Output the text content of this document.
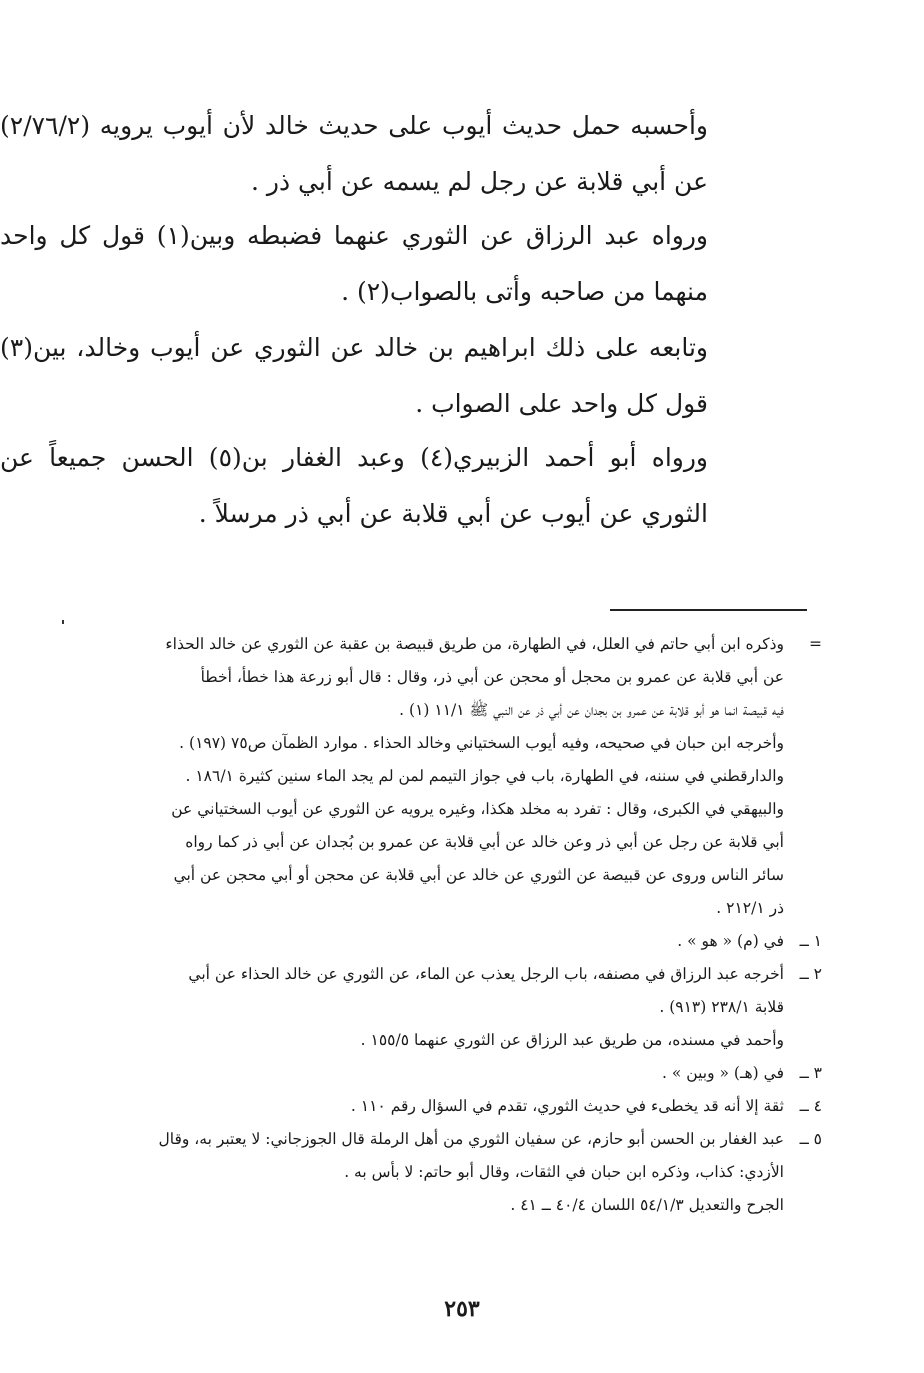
وأحسبه حمل حديث أيوب على حديث خالد لأن أيوب يرويه (٢/٧٦/٢) عن أبي قلابة عن رجل لم يسمه عن أبي ذر .
ورواه عبد الرزاق عن الثوري عنهما فضبطه وبين(١) قول كل واحد منهما من صاحبه وأتى بالصواب(٢) .
وتابعه على ذلك ابراهيم بن خالد عن الثوري عن أيوب وخالد، بين(٣) قول كل واحد على الصواب .
ورواه أبو أحمد الزبيري(٤) وعبد الغفار بن(٥) الحسن جميعاً عن الثوري عن أيوب عن أبي قلابة عن أبي ذر مرسلاً .
=
وذكره ابن أبي حاتم في العلل، في الطهارة، من طريق قبيصة بن عقبة عن الثوري عن خالد الحذاء
عن أبي قلابة عن عمرو بن محجل أو محجن عن أبي ذر، وقال : قال أبو زرعة هذا خطأ، أخطأ
فيه قبيصة انما هو أبو قلابة عن عمرو بن بجدان عن أبي ذر عن النبي ﷺ ١١/١ (١) .
وأخرجه ابن حبان في صحيحه، وفيه أيوب السختياني وخالد الحذاء . موارد الظمآن ص٧٥ (١٩٧) .
والدارقطني في سننه، في الطهارة، باب في جواز التيمم لمن لم يجد الماء سنين كثيرة ١٨٦/١ .
والبيهقي في الكبرى، وقال : تفرد به مخلد هكذا، وغيره يرويه عن الثوري عن أيوب السختياني عن
أبي قلابة عن رجل عن أبي ذر وعن خالد عن أبي قلابة عن عمرو بن بُجدان عن أبي ذر كما رواه
سائر الناس وروى عن قبيصة عن الثوري عن خالد عن أبي قلابة عن محجن أو أبي محجن عن أبي
ذر ٢١٢/١ .
١ ــ
في (م) « هو » .
٢ ــ
أخرجه عبد الرزاق في مصنفه، باب الرجل يعذب عن الماء، عن الثوري عن خالد الحذاء عن أبي
قلابة ٢٣٨/١ (٩١٣) .
وأحمد في مسنده، من طريق عبد الرزاق عن الثوري عنهما ١٥٥/٥ .
٣ ــ
في (هـ) « وبين » .
٤ ــ
ثقة إلا أنه قد يخطىء في حديث الثوري، تقدم في السؤال رقم ١١٠ .
٥ ــ
عبد الغفار بن الحسن أبو حازم، عن سفيان الثوري من أهل الرملة قال الجوزجاني: لا يعتبر به، وقال
الأزدي: كذاب، وذكره ابن حبان في الثقات، وقال أبو حاتم: لا بأس به .
الجرح والتعديل ٥٤/١/٣ اللسان ٤٠/٤ ــ ٤١ .
٢٥٣
